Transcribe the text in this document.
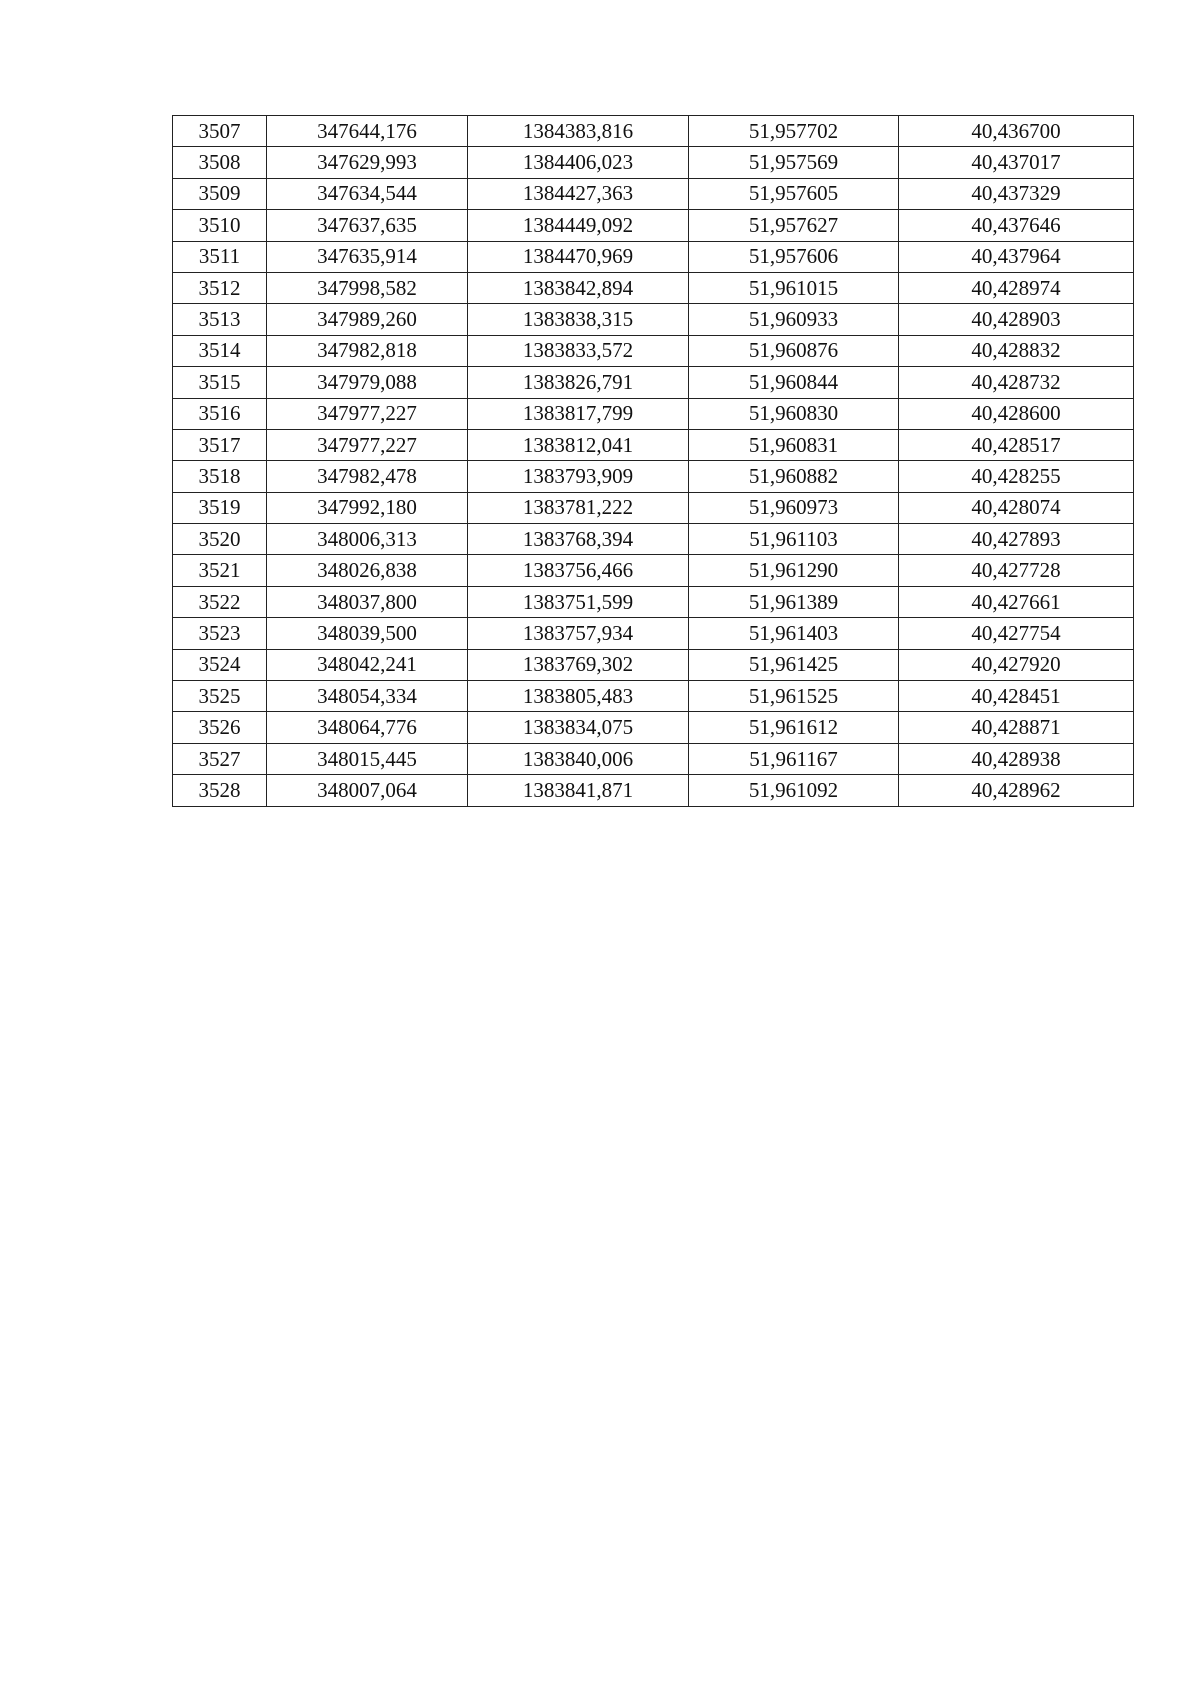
3507	347644,176	1384383,816	51,957702	40,436700
3508	347629,993	1384406,023	51,957569	40,437017
3509	347634,544	1384427,363	51,957605	40,437329
3510	347637,635	1384449,092	51,957627	40,437646
3511	347635,914	1384470,969	51,957606	40,437964
3512	347998,582	1383842,894	51,961015	40,428974
3513	347989,260	1383838,315	51,960933	40,428903
3514	347982,818	1383833,572	51,960876	40,428832
3515	347979,088	1383826,791	51,960844	40,428732
3516	347977,227	1383817,799	51,960830	40,428600
3517	347977,227	1383812,041	51,960831	40,428517
3518	347982,478	1383793,909	51,960882	40,428255
3519	347992,180	1383781,222	51,960973	40,428074
3520	348006,313	1383768,394	51,961103	40,427893
3521	348026,838	1383756,466	51,961290	40,427728
3522	348037,800	1383751,599	51,961389	40,427661
3523	348039,500	1383757,934	51,961403	40,427754
3524	348042,241	1383769,302	51,961425	40,427920
3525	348054,334	1383805,483	51,961525	40,428451
3526	348064,776	1383834,075	51,961612	40,428871
3527	348015,445	1383840,006	51,961167	40,428938
3528	348007,064	1383841,871	51,961092	40,428962
